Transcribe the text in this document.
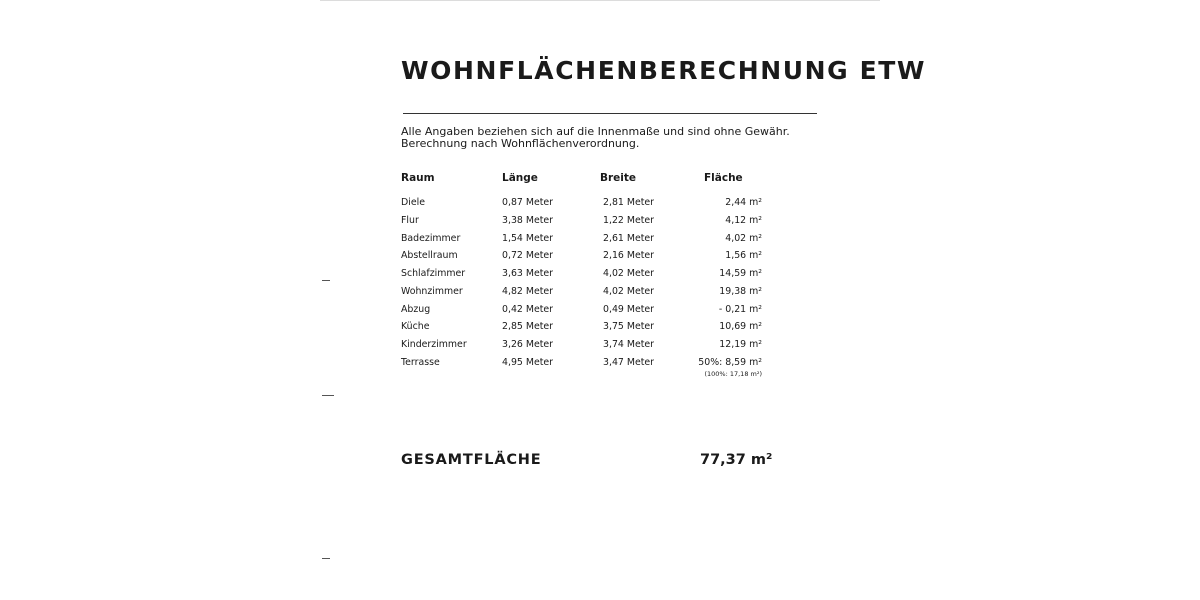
WOHNFLÄCHENBERECHNUNG ETW
Alle Angaben beziehen sich auf die Innenmaße und sind ohne Gewähr.
Berechnung nach Wohnflächenverordnung.
Raum	Länge	Breite	Fläche
Diele	0,87 Meter	2,81 Meter	2,44 m²
Flur	3,38 Meter	1,22 Meter	4,12 m²
Badezimmer	1,54 Meter	2,61 Meter	4,02 m²
Abstellraum	0,72 Meter	2,16 Meter	1,56 m²
Schlafzimmer	3,63 Meter	4,02 Meter	14,59 m²
Wohnzimmer	4,82 Meter	4,02 Meter	19,38 m²
Abzug	0,42 Meter	0,49 Meter	- 0,21 m²
Küche	2,85 Meter	3,75 Meter	10,69 m²
Kinderzimmer	3,26 Meter	3,74 Meter	12,19 m²
Terrasse	4,95 Meter	3,47 Meter	50%: 8,59 m²
(100%: 17,18 m²)
GESAMTFLÄCHE	77,37 m²
